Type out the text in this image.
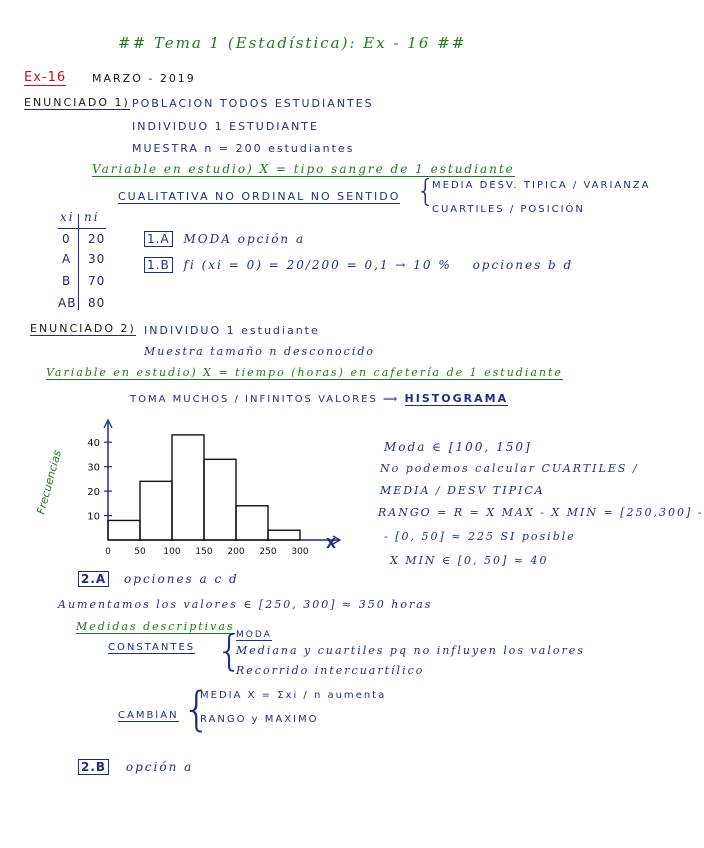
## Tema 1 (Estadística): Ex - 16 ##
Ex-16 MARZO - 2019
ENUNCIADO 1) POBLACION TODOS ESTUDIANTES
INDIVIDUO 1 ESTUDIANTE
MUESTRA n = 200 estudiantes
Variable en estudio) X = tipo sangre de 1 estudiante
CUALITATIVA NO ORDINAL NO SENTIDO {
MEDIA DESV. TIPICA / VARIANZA
CUARTILES / POSICIÓN
xi ni
0 20
A 30
B 70
AB 80
1.A MODA opción a
1.B fi (xi = 0) = 20/200 = 0,1 → 10 % opciones b d
ENUNCIADO 2) INDIVIDUO 1 estudiante
Muestra tamaño n desconocido
Variable en estudio) X = tiempo (horas) en cafetería de 1 estudiante
TOMA MUCHOS / INFINITOS VALORES ⟹ HISTOGRAMA
Frecuencias
X
10
20
30
40
0	50 100 150 200 250 300
Moda ∈ [100, 150]
No podemos calcular CUARTILES /
MEDIA / DESV TIPICA
RANGO = R = X MAX - X MIN = [250,300] -
- [0, 50] ≈ 225 SI posible
X MIN ∈ [0, 50] ≈ 40
2.A opciones a c d
Aumentamos los valores ∈ [250, 300] ≈ 350 horas
Medidas descriptivas
CONSTANTES {
MODA
Mediana y cuartiles pq no influyen los valores
Recorrido intercuartílico
CAMBIAN {
MEDIA X = Σxi / n aumenta
RANGO y MAXIMO
2.B opción a
